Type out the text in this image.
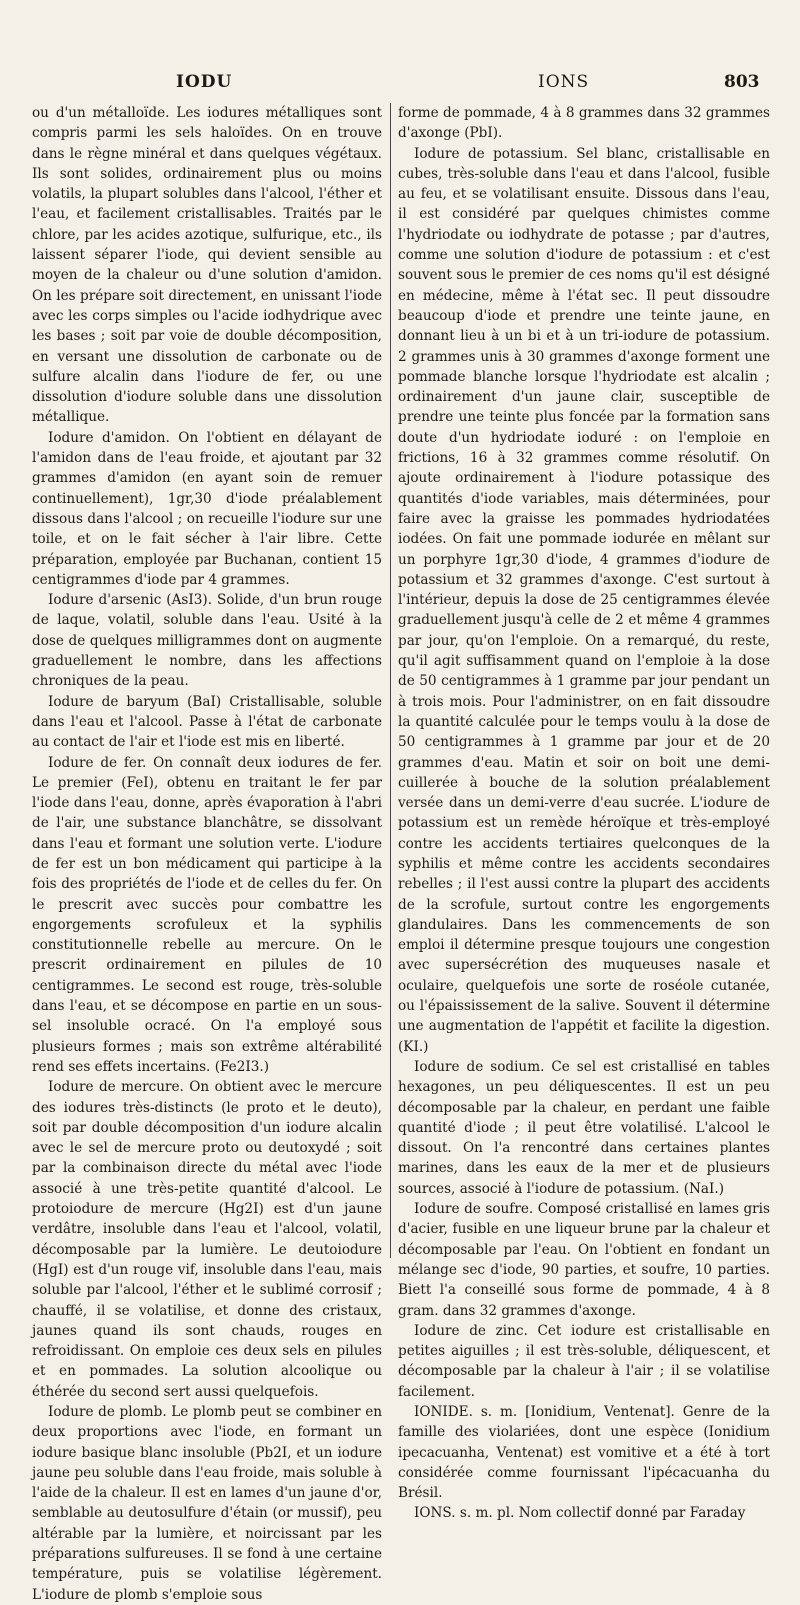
IODU	IONS	803

ou d'un métalloïde. Les iodures métalliques sont compris parmi les sels haloïdes. On en trouve dans le règne minéral et dans quelques végétaux. Ils sont solides, ordinairement plus ou moins volatils, la plupart solubles dans l'alcool, l'éther et l'eau, et facilement cristallisables. Traités par le chlore, par les acides azotique, sulfurique, etc., ils laissent séparer l'iode, qui devient sensible au moyen de la chaleur ou d'une solution d'amidon. On les prépare soit directement, en unissant l'iode avec les corps simples ou l'acide iodhydrique avec les bases ; soit par voie de double décomposition, en versant une dissolution de carbonate ou de sulfure alcalin dans l'iodure de fer, ou une dissolution d'iodure soluble dans une dissolution métallique.

Iodure d'amidon. On l'obtient en délayant de l'amidon dans de l'eau froide, et ajoutant par 32 grammes d'amidon (en ayant soin de remuer continuellement), 1gr,30 d'iode préalablement dissous dans l'alcool ; on recueille l'iodure sur une toile, et on le fait sécher à l'air libre. Cette préparation, employée par Buchanan, contient 15 centigrammes d'iode par 4 grammes.

Iodure d'arsenic (AsI3). Solide, d'un brun rouge de laque, volatil, soluble dans l'eau. Usité à la dose de quelques milligrammes dont on augmente graduellement le nombre, dans les affections chroniques de la peau.

Iodure de baryum (BaI) Cristallisable, soluble dans l'eau et l'alcool. Passe à l'état de carbonate au contact de l'air et l'iode est mis en liberté.

Iodure de fer. On connaît deux iodures de fer. Le premier (FeI), obtenu en traitant le fer par l'iode dans l'eau, donne, après évaporation à l'abri de l'air, une substance blanchâtre, se dissolvant dans l'eau et formant une solution verte. L'iodure de fer est un bon médicament qui participe à la fois des propriétés de l'iode et de celles du fer. On le prescrit avec succès pour combattre les engorgements scrofuleux et la syphilis constitutionnelle rebelle au mercure. On le prescrit ordinairement en pilules de 10 centigrammes. Le second est rouge, très-soluble dans l'eau, et se décompose en partie en un sous-sel insoluble ocracé. On l'a employé sous plusieurs formes ; mais son extrême altérabilité rend ses effets incertains. (Fe2I3.)

Iodure de mercure. On obtient avec le mercure des iodures très-distincts (le proto et le deuto), soit par double décomposition d'un iodure alcalin avec le sel de mercure proto ou deutoxydé ; soit par la combinaison directe du métal avec l'iode associé à une très-petite quantité d'alcool. Le protoiodure de mercure (Hg2I) est d'un jaune verdâtre, insoluble dans l'eau et l'alcool, volatil, décomposable par la lumière. Le deutoiodure (HgI) est d'un rouge vif, insoluble dans l'eau, mais soluble par l'alcool, l'éther et le sublimé corrosif ; chauffé, il se volatilise, et donne des cristaux, jaunes quand ils sont chauds, rouges en refroidissant. On emploie ces deux sels en pilules et en pommades. La solution alcoolique ou éthérée du second sert aussi quelquefois.

Iodure de plomb. Le plomb peut se combiner en deux proportions avec l'iode, en formant un iodure basique blanc insoluble (Pb2I, et un iodure jaune peu soluble dans l'eau froide, mais soluble à l'aide de la chaleur. Il est en lames d'un jaune d'or, semblable au deutosulfure d'étain (or mussif), peu altérable par la lumière, et noircissant par les préparations sulfureuses. Il se fond à une certaine température, puis se volatilise légèrement. L'iodure de plomb s'emploie sous

forme de pommade, 4 à 8 grammes dans 32 grammes d'axonge (PbI).

Iodure de potassium. Sel blanc, cristallisable en cubes, très-soluble dans l'eau et dans l'alcool, fusible au feu, et se volatilisant ensuite. Dissous dans l'eau, il est considéré par quelques chimistes comme l'hydriodate ou iodhydrate de potasse ; par d'autres, comme une solution d'iodure de potassium : et c'est souvent sous le premier de ces noms qu'il est désigné en médecine, même à l'état sec. Il peut dissoudre beaucoup d'iode et prendre une teinte jaune, en donnant lieu à un bi et à un tri-iodure de potassium. 2 grammes unis à 30 grammes d'axonge forment une pommade blanche lorsque l'hydriodate est alcalin ; ordinairement d'un jaune clair, susceptible de prendre une teinte plus foncée par la formation sans doute d'un hydriodate ioduré : on l'emploie en frictions, 16 à 32 grammes comme résolutif. On ajoute ordinairement à l'iodure potassique des quantités d'iode variables, mais déterminées, pour faire avec la graisse les pommades hydriodatées iodées. On fait une pommade iodurée en mêlant sur un porphyre 1gr,30 d'iode, 4 grammes d'iodure de potassium et 32 grammes d'axonge. C'est surtout à l'intérieur, depuis la dose de 25 centigrammes élevée graduellement jusqu'à celle de 2 et même 4 grammes par jour, qu'on l'emploie. On a remarqué, du reste, qu'il agit suffisamment quand on l'emploie à la dose de 50 centigrammes à 1 gramme par jour pendant un à trois mois. Pour l'administrer, on en fait dissoudre la quantité calculée pour le temps voulu à la dose de 50 centigrammes à 1 gramme par jour et de 20 grammes d'eau. Matin et soir on boit une demi-cuillerée à bouche de la solution préalablement versée dans un demi-verre d'eau sucrée. L'iodure de potassium est un remède héroïque et très-employé contre les accidents tertiaires quelconques de la syphilis et même contre les accidents secondaires rebelles ; il l'est aussi contre la plupart des accidents de la scrofule, surtout contre les engorgements glandulaires. Dans les commencements de son emploi il détermine presque toujours une congestion avec supersécrétion des muqueuses nasale et oculaire, quelquefois une sorte de roséole cutanée, ou l'épaississement de la salive. Souvent il détermine une augmentation de l'appétit et facilite la digestion. (KI.)

Iodure de sodium. Ce sel est cristallisé en tables hexagones, un peu déliquescentes. Il est un peu décomposable par la chaleur, en perdant une faible quantité d'iode ; il peut être volatilisé. L'alcool le dissout. On l'a rencontré dans certaines plantes marines, dans les eaux de la mer et de plusieurs sources, associé à l'iodure de potassium. (NaI.)

Iodure de soufre. Composé cristallisé en lames gris d'acier, fusible en une liqueur brune par la chaleur et décomposable par l'eau. On l'obtient en fondant un mélange sec d'iode, 90 parties, et soufre, 10 parties. Biett l'a conseillé sous forme de pommade, 4 à 8 gram. dans 32 grammes d'axonge.

Iodure de zinc. Cet iodure est cristallisable en petites aiguilles ; il est très-soluble, déliquescent, et décomposable par la chaleur à l'air ; il se volatilise facilement.

IONIDE. s. m. [Ionidium, Ventenat]. Genre de la famille des violariées, dont une espèce (Ionidium ipecacuanha, Ventenat) est vomitive et a été à tort considérée comme fournissant l'ipécacuanha du Brésil.

IONS. s. m. pl. Nom collectif donné par Faraday
